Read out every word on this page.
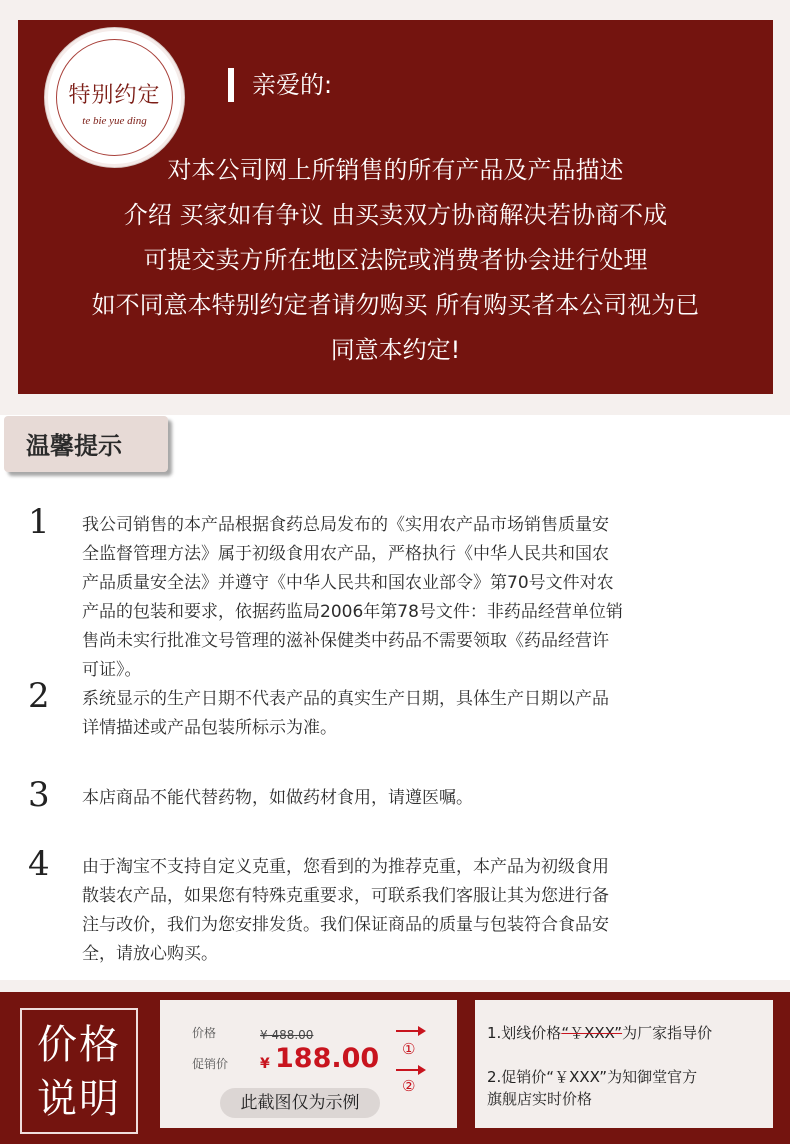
特别约定
te bie yue ding
亲爱的:
对本公司网上所销售的所有产品及产品描述
介绍 买家如有争议 由买卖双方协商解决若协商不成
可提交卖方所在地区法院或消费者协会进行处理
如不同意本特别约定者请勿购买 所有购买者本公司视为已
同意本约定!
温馨提示
1	我公司销售的本产品根据食药总局发布的《实用农产品市场销售质量安
全监督管理方法》属于初级食用农产品，严格执行《中华人民共和国农
产品质量安全法》并遵守《中华人民共和国农业部令》第70号文件对农
产品的包装和要求，依据药监局2006年第78号文件：非药品经营单位销
售尚未实行批准文号管理的滋补保健类中药品不需要领取《药品经营许
可证》。
2	系统显示的生产日期不代表产品的真实生产日期，具体生产日期以产品
详情描述或产品包装所标示为准。
3	本店商品不能代替药物，如做药材食用，请遵医嘱。
4	由于淘宝不支持自定义克重，您看到的为推荐克重，本产品为初级食用
散装农产品，如果您有特殊克重要求，可联系我们客服让其为您进行备
注与改价，我们为您安排发货。我们保证商品的质量与包装符合食品安
全，请放心购买。
价格
说明
价格	¥ 488.00
促销价 ¥ 188.00
此截图仅为示例
①
②
1.划线价格“￥XXX”为厂家指导价
2.促销价“￥XXX”为知御堂官方
旗舰店实时价格
